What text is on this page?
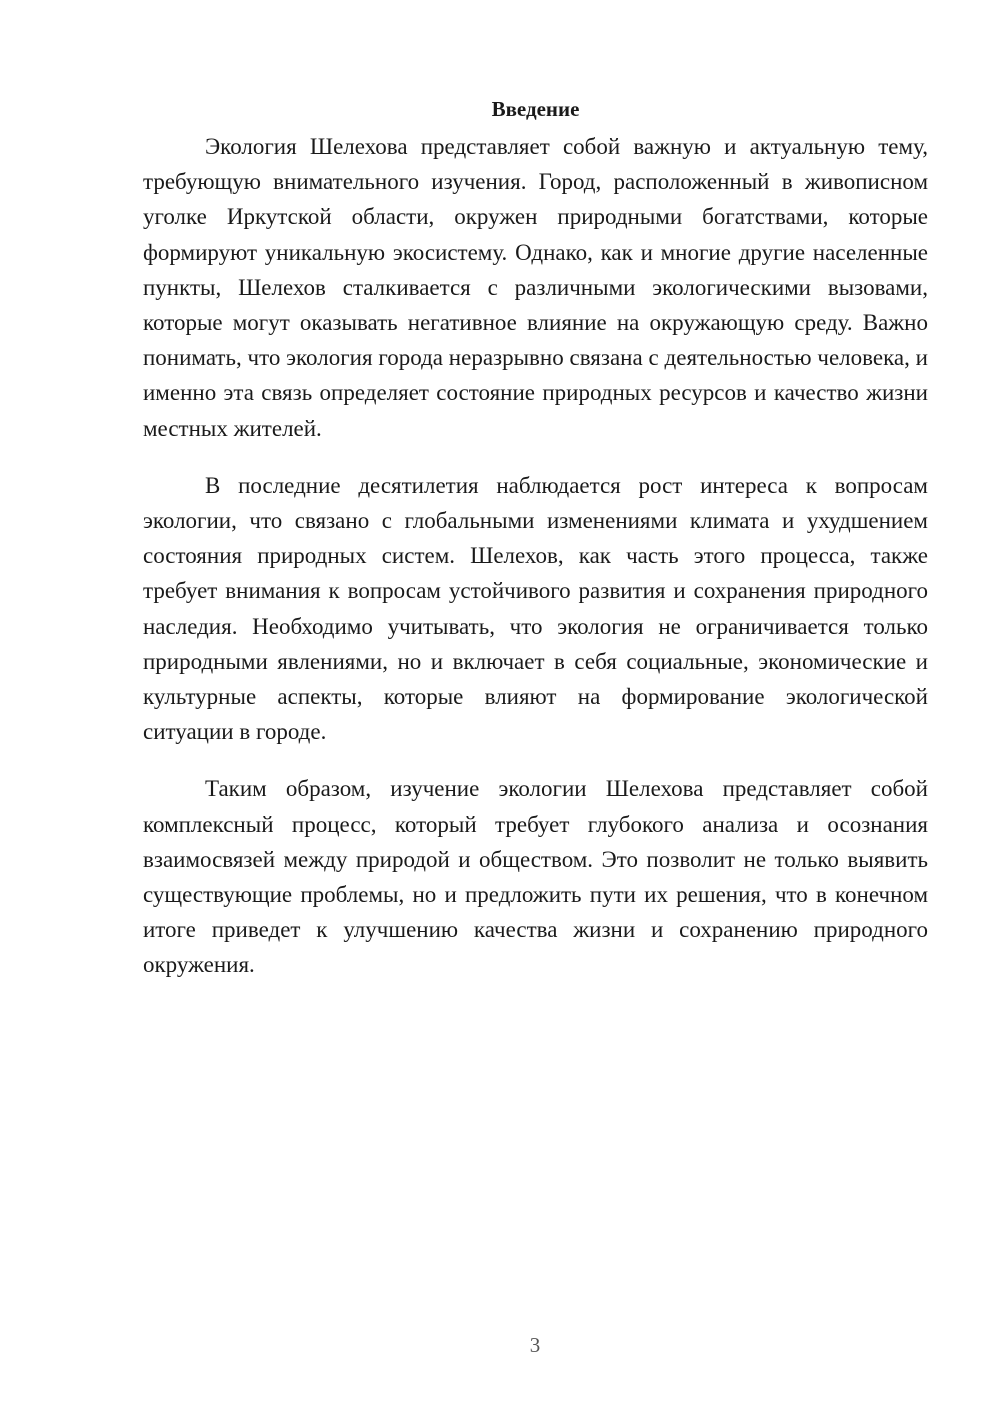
Введение

Экология Шелехова представляет собой важную и актуальную тему, требующую внимательного изучения. Город, расположенный в живописном уголке Иркутской области, окружен природными богатствами, которые формируют уникальную экосистему. Однако, как и многие другие населенные пункты, Шелехов сталкивается с различными экологическими вызовами, которые могут оказывать негативное влияние на окружающую среду. Важно понимать, что экология города неразрывно связана с деятельностью человека, и именно эта связь определяет состояние природных ресурсов и качество жизни местных жителей.

В последние десятилетия наблюдается рост интереса к вопросам экологии, что связано с глобальными изменениями климата и ухудшением состояния природных систем. Шелехов, как часть этого процесса, также требует внимания к вопросам устойчивого развития и сохранения природного наследия. Необходимо учитывать, что экология не ограничивается только природными явлениями, но и включает в себя социальные, экономические и культурные аспекты, которые влияют на формирование экологической ситуации в городе.

Таким образом, изучение экологии Шелехова представляет собой комплексный процесс, который требует глубокого анализа и осознания взаимосвязей между природой и обществом. Это позволит не только выявить существующие проблемы, но и предложить пути их решения, что в конечном итоге приведет к улучшению качества жизни и сохранению природного окружения.

3
